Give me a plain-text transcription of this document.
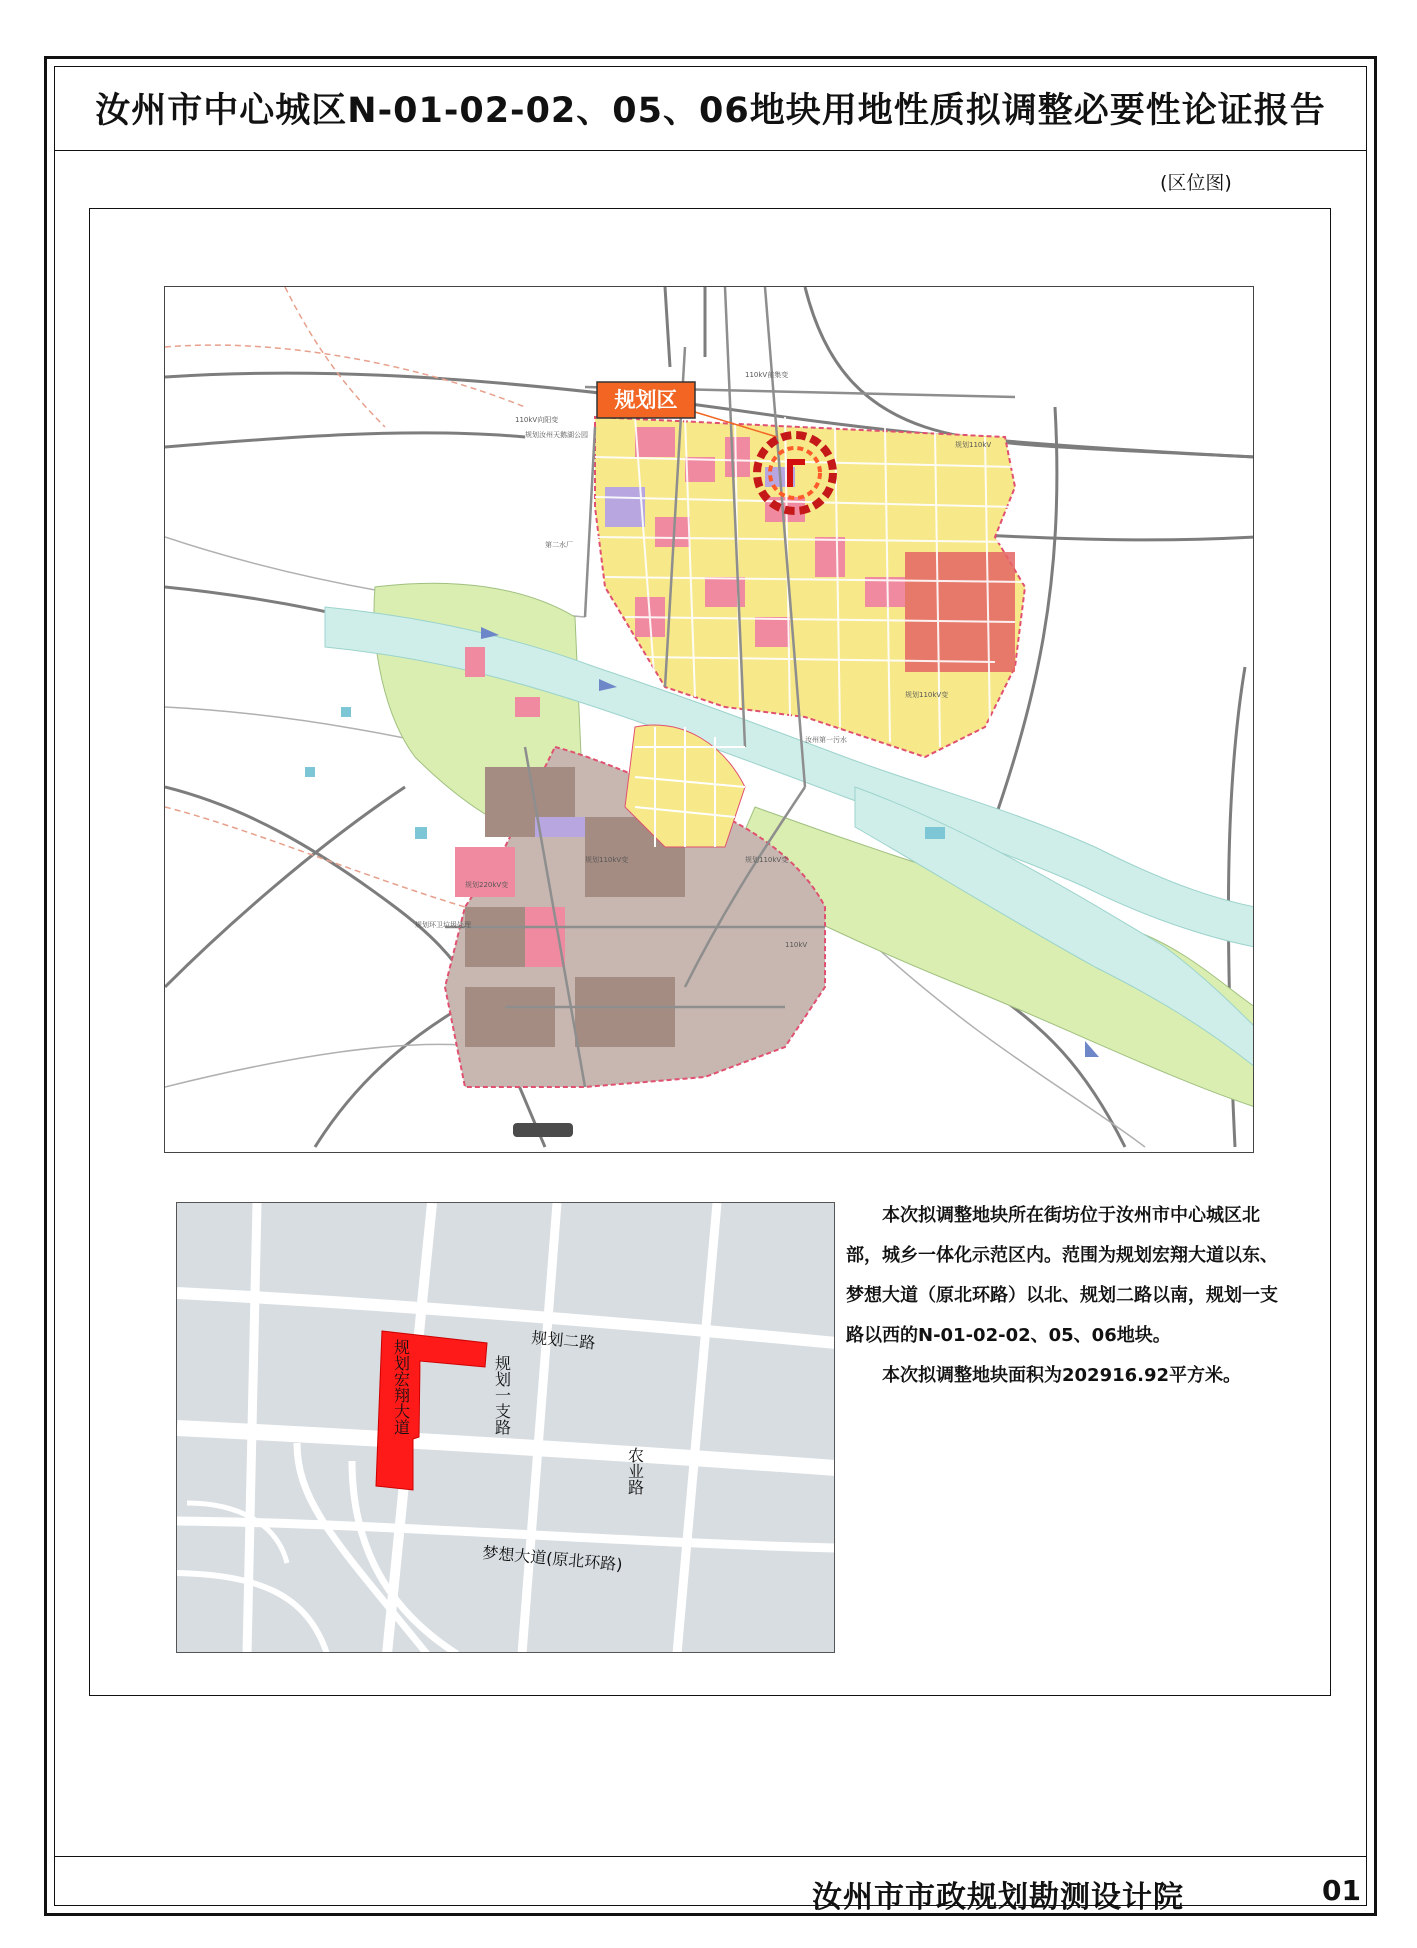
汝州市中心城区N-01-02-02、05、06地块用地性质拟调整必要性论证报告
(区位图)
110kV前集变
110kV向阳变
规划110kV
规划汝州天鹅湖公园
第二水厂
规划110kV变
汝州第一污水
规划110kV变
规划220kV变
规划110kV变
规划环卫垃圾处理
110kV
规划区
规划二路
梦想大道(原北环路)
规划宏翔大道	规划一支路
农业路

本次拟调整地块所在街坊位于汝州市中心城区北部，城乡一体化示范区内。范围为规划宏翔大道以东、梦想大道（原北环路）以北、规划二路以南，规划一支路以西的N-01-02-02、05、06地块。

本次拟调整地块面积为202916.92平方米。

汝州市市政规划勘测设计院	01
